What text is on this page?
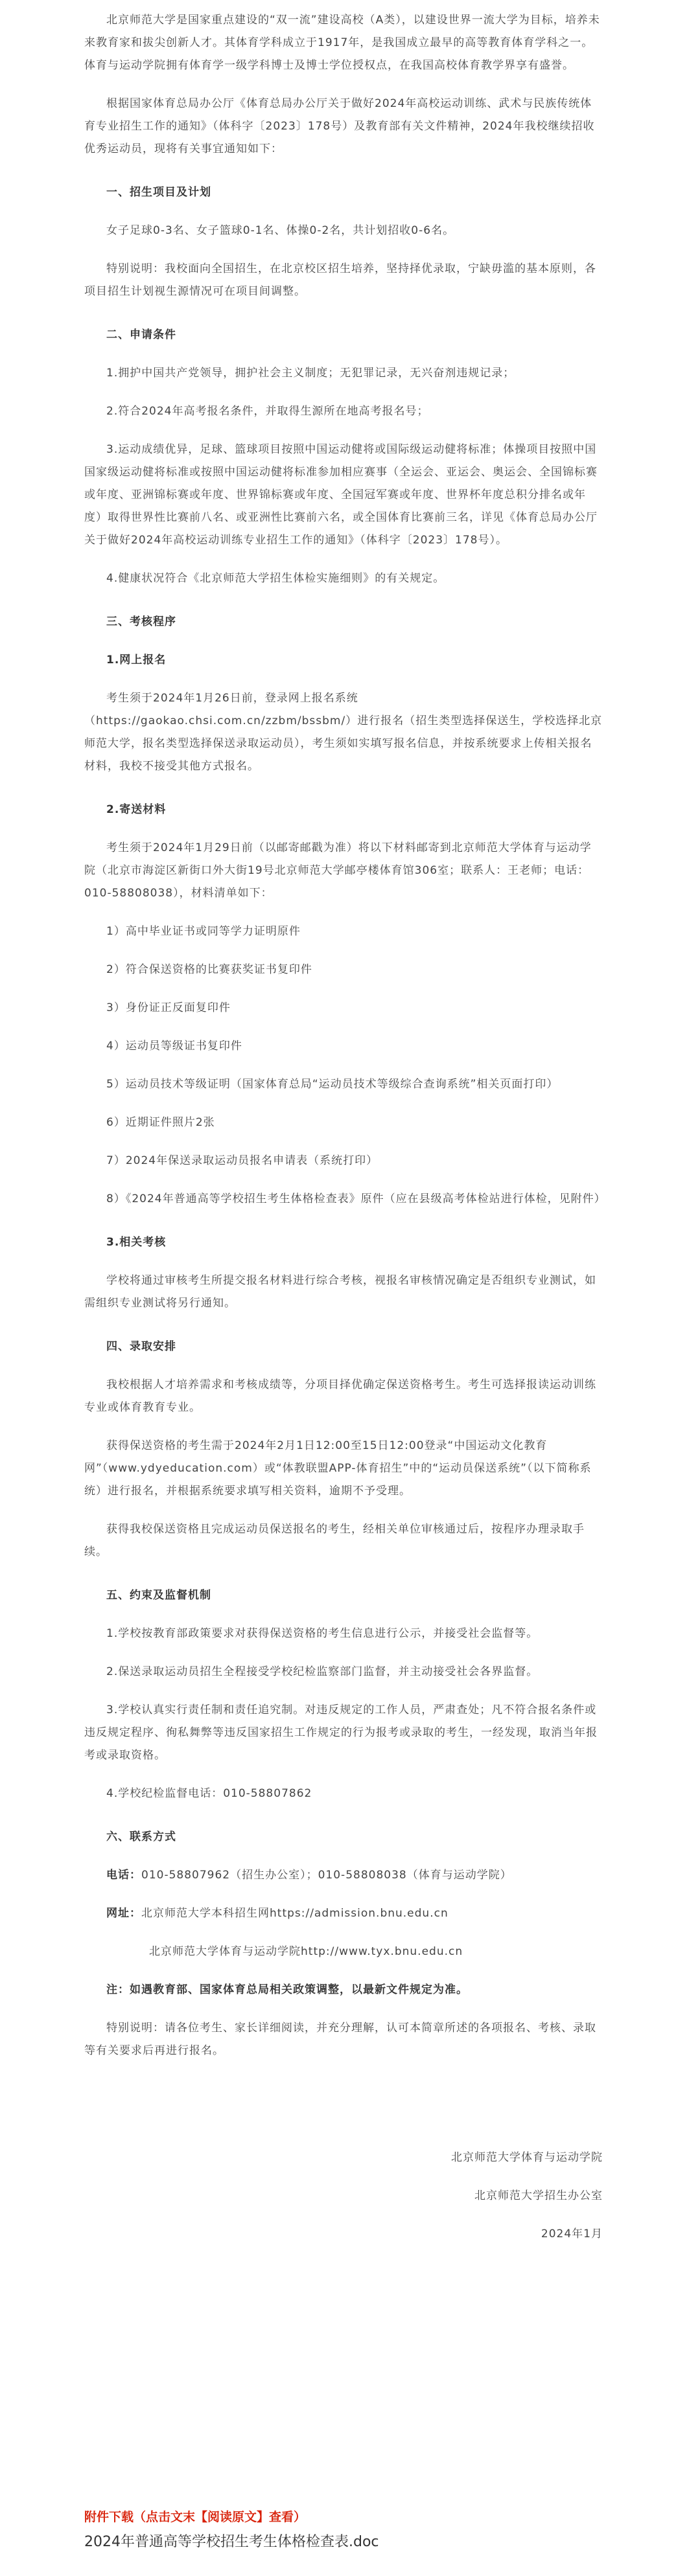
北京师范大学是国家重点建设的“双一流”建设高校（A类），以建设世界一流大学为目标，培养未来教育家和拔尖创新人才。其体育学科成立于1917年，是我国成立最早的高等教育体育学科之一。体育与运动学院拥有体育学一级学科博士及博士学位授权点，在我国高校体育教学界享有盛誉。

根据国家体育总局办公厅《体育总局办公厅关于做好2024年高校运动训练、武术与民族传统体育专业招生工作的通知》（体科字〔2023〕178号）及教育部有关文件精神，2024年我校继续招收优秀运动员，现将有关事宜通知如下：

一、招生项目及计划

女子足球0-3名、女子篮球0-1名、体操0-2名，共计划招收0-6名。

特别说明：我校面向全国招生，在北京校区招生培养，坚持择优录取，宁缺毋滥的基本原则，各项目招生计划视生源情况可在项目间调整。

二、申请条件

1.拥护中国共产党领导，拥护社会主义制度；无犯罪记录，无兴奋剂违规记录；

2.符合2024年高考报名条件，并取得生源所在地高考报名号；

3.运动成绩优异，足球、篮球项目按照中国运动健将或国际级运动健将标准；体操项目按照中国国家级运动健将标准或按照中国运动健将标准参加相应赛事（全运会、亚运会、奥运会、全国锦标赛或年度、亚洲锦标赛或年度、世界锦标赛或年度、全国冠军赛或年度、世界杯年度总积分排名或年度）取得世界性比赛前八名、或亚洲性比赛前六名，或全国体育比赛前三名，详见《体育总局办公厅关于做好2024年高校运动训练专业招生工作的通知》（体科字〔2023〕178号）。

4.健康状况符合《北京师范大学招生体检实施细则》的有关规定。

三、考核程序

1.网上报名

考生须于2024年1月26日前，登录网上报名系统（https://gaokao.chsi.com.cn/zzbm/bssbm/）进行报名（招生类型选择保送生，学校选择北京师范大学，报名类型选择保送录取运动员），考生须如实填写报名信息，并按系统要求上传相关报名材料，我校不接受其他方式报名。

2.寄送材料

考生须于2024年1月29日前（以邮寄邮戳为准）将以下材料邮寄到北京师范大学体育与运动学院（北京市海淀区新街口外大街19号北京师范大学邮亭楼体育馆306室；联系人：王老师；电话：010-58808038），材料清单如下：

1）高中毕业证书或同等学力证明原件

2）符合保送资格的比赛获奖证书复印件

3）身份证正反面复印件

4）运动员等级证书复印件

5）运动员技术等级证明（国家体育总局“运动员技术等级综合查询系统”相关页面打印）

6）近期证件照片2张

7）2024年保送录取运动员报名申请表（系统打印）

8）《2024年普通高等学校招生考生体格检查表》原件（应在县级高考体检站进行体检，见附件）

3.相关考核

学校将通过审核考生所提交报名材料进行综合考核，视报名审核情况确定是否组织专业测试，如需组织专业测试将另行通知。

四、录取安排

我校根据人才培养需求和考核成绩等，分项目择优确定保送资格考生。考生可选择报读运动训练专业或体育教育专业。

获得保送资格的考生需于2024年2月1日12:00至15日12:00登录“中国运动文化教育网”（www.ydyeducation.com）或“体教联盟APP-体育招生”中的“运动员保送系统”（以下简称系统）进行报名，并根据系统要求填写相关资料，逾期不予受理。

获得我校保送资格且完成运动员保送报名的考生，经相关单位审核通过后，按程序办理录取手续。

五、约束及监督机制

1.学校按教育部政策要求对获得保送资格的考生信息进行公示，并接受社会监督等。

2.保送录取运动员招生全程接受学校纪检监察部门监督，并主动接受社会各界监督。

3.学校认真实行责任制和责任追究制。对违反规定的工作人员，严肃查处；凡不符合报名条件或违反规定程序、徇私舞弊等违反国家招生工作规定的行为报考或录取的考生，一经发现，取消当年报考或录取资格。

4.学校纪检监督电话：010-58807862

六、联系方式

电话：010-58807962（招生办公室）；010-58808038（体育与运动学院）

网址：北京师范大学本科招生网https://admission.bnu.edu.cn

北京师范大学体育与运动学院http://www.tyx.bnu.edu.cn

注：如遇教育部、国家体育总局相关政策调整，以最新文件规定为准。

特别说明：请各位考生、家长详细阅读，并充分理解，认可本简章所述的各项报名、考核、录取等有关要求后再进行报名。

北京师范大学体育与运动学院

北京师范大学招生办公室

2024年1月

附件下载（点击文末【阅读原文】查看）
2024年普通高等学校招生考生体格检查表.doc
